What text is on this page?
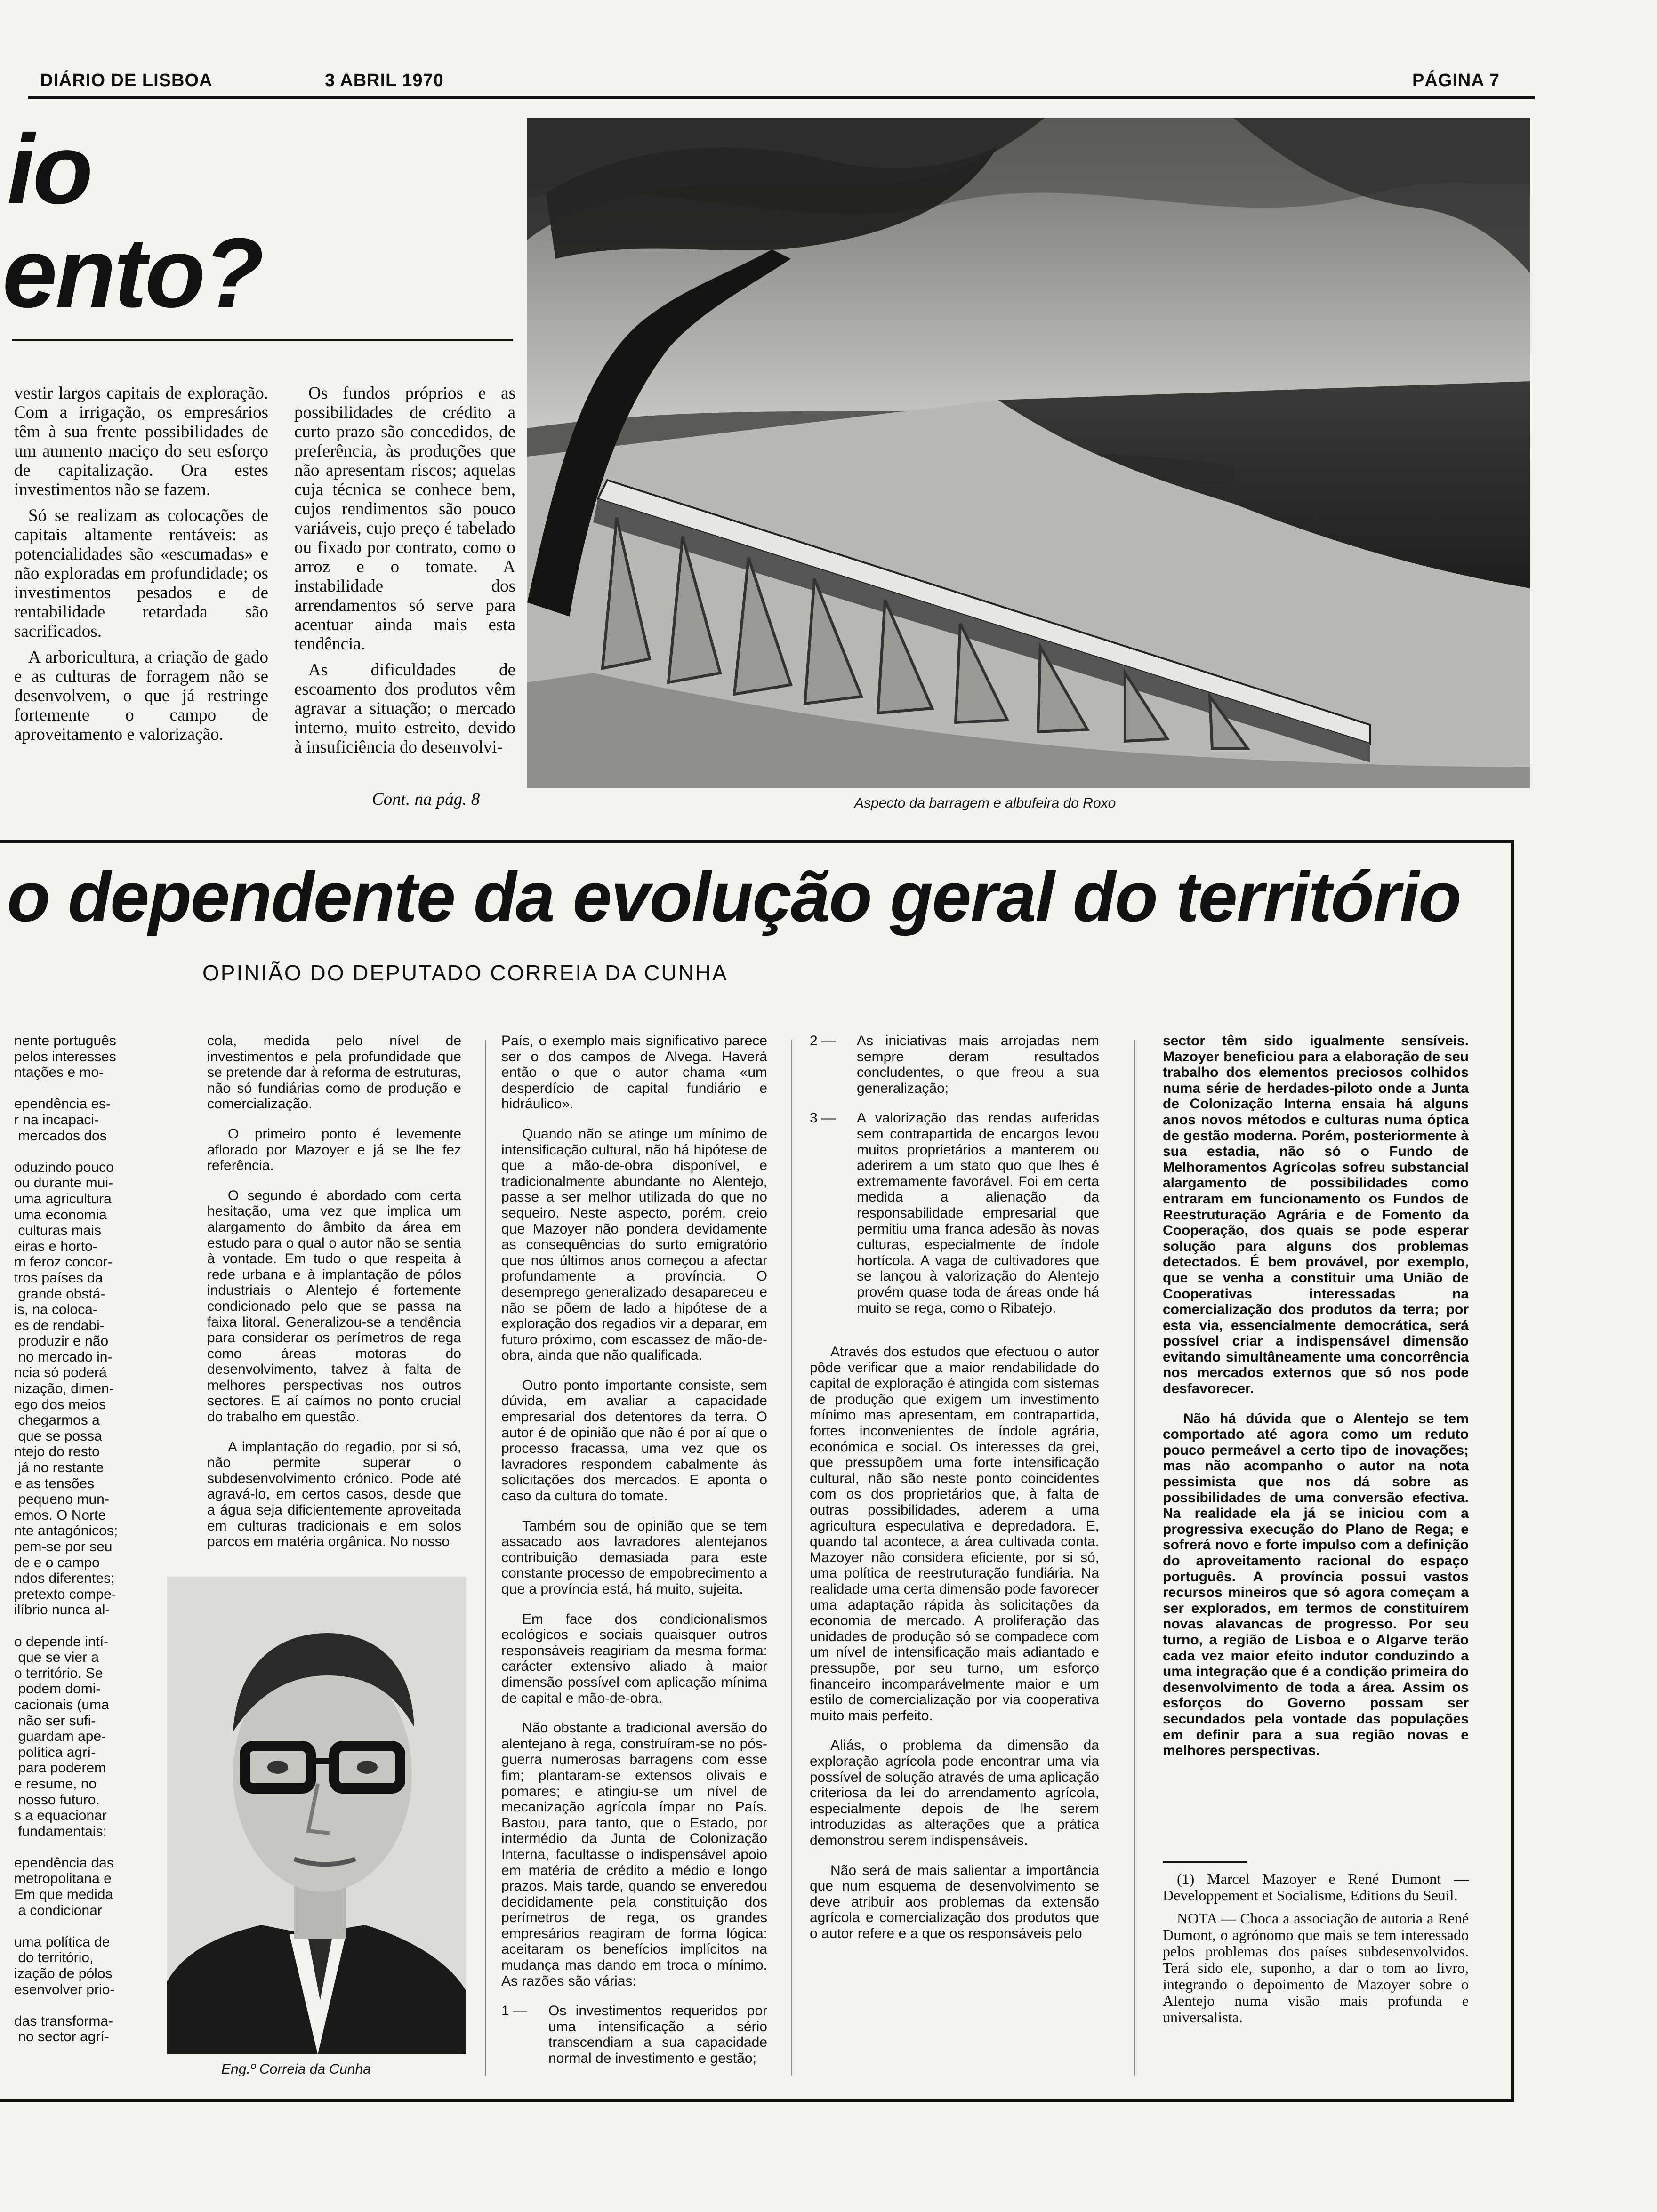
DIÁRIO DE LISBOA	3 ABRIL 1970	PÁGINA 7
io
ento?

vestir largos capitais de exploração. Com a irrigação, os empresários têm à sua frente possibilidades de um aumento maciço do seu esforço de capitalização. Ora estes investimentos não se fazem.

Só se realizam as colocações de capitais altamente rentáveis: as potencialidades são «escumadas» e não exploradas em profundidade; os investimentos pesados e de rentabilidade retardada são sacrificados.

A arboricultura, a criação de gado e as culturas de forragem não se desenvolvem, o que já restringe fortemente o campo de aproveitamento e valorização.

Os fundos próprios e as possibilidades de crédito a curto prazo são concedidos, de preferência, às produções que não apresentam riscos; aquelas cuja técnica se conhece bem, cujos rendimentos são pouco variáveis, cujo preço é tabelado ou fixado por contrato, como o arroz e o tomate. A instabilidade dos arrendamentos só serve para acentuar ainda mais esta tendência.

As dificuldades de escoamento dos produtos vêm agravar a situação; o mercado interno, muito estreito, devido à insuficiência do desenvolvi-

Cont. na pág. 8	Aspecto da barragem e albufeira do Roxo
o dependente da evolução geral do território
OPINIÃO DO DEPUTADO CORREIA DA CUNHA
nente português
pelos interesses
ntações e mo-

ependência es-
r na incapaci-
mercados dos

oduzindo pouco
ou durante mui-
uma agricultura
uma economia
culturas mais
eiras e horto-
m feroz concor-
tros países da
grande obstá-
is, na coloca-
es de rendabi-
produzir e não
no mercado in-
ncia só poderá
nização, dimen-
ego dos meios
chegarmos a
que se possa
ntejo do resto
já no restante
e as tensões
pequeno mun-
emos. O Norte
nte antagónicos;
pem-se por seu
de e o campo
ndos diferentes;
pretexto compe-
ilíbrio nunca al-

o depende intí-
que se vier a
o território. Se
podem domi-
cacionais (uma
não ser sufi-
guardam ape-
política agrí-
para poderem
e resume, no
nosso futuro.
s a equacionar
fundamentais:

ependência das
metropolitana e
Em que medida
a condicionar

uma política de
do território,
ização de pólos
esenvolver prio-

das transforma-
no sector agrí-

cola, medida pelo nível de investimentos e pela profundidade que se pretende dar à reforma de estruturas, não só fundiárias como de produção e comercialização.

O primeiro ponto é levemente aflorado por Mazoyer e já se lhe fez referência.

O segundo é abordado com certa hesitação, uma vez que implica um alargamento do âmbito da área em estudo para o qual o autor não se sentia à vontade. Em tudo o que respeita à rede urbana e à implantação de pólos industriais o Alentejo é fortemente condicionado pelo que se passa na faixa litoral. Generalizou-se a tendência para considerar os perímetros de rega como áreas motoras do desenvolvimento, talvez à falta de melhores perspectivas nos outros sectores. E aí caímos no ponto crucial do trabalho em questão.

A implantação do regadio, por si só, não permite superar o subdesenvolvimento crónico. Pode até agravá-lo, em certos casos, desde que a água seja dificientemente aproveitada em culturas tradicionais e em solos parcos em matéria orgânica. No nosso

Eng.º Correia da Cunha

País, o exemplo mais significativo parece ser o dos campos de Alvega. Haverá então o que o autor chama «um desperdício de capital fundiário e hidráulico».

Quando não se atinge um mínimo de intensificação cultural, não há hipótese de que a mão-de-obra disponível, e tradicionalmente abundante no Alentejo, passe a ser melhor utilizada do que no sequeiro. Neste aspecto, porém, creio que Mazoyer não pondera devidamente as consequências do surto emigratório que nos últimos anos começou a afectar profundamente a província. O desemprego generalizado desapareceu e não se põem de lado a hipótese de a exploração dos regadios vir a deparar, em futuro próximo, com escassez de mão-de-obra, ainda que não qualificada.

Outro ponto importante consiste, sem dúvida, em avaliar a capacidade empresarial dos detentores da terra. O autor é de opinião que não é por aí que o processo fracassa, uma vez que os lavradores respondem cabalmente às solicitações dos mercados. E aponta o caso da cultura do tomate.

Também sou de opinião que se tem assacado aos lavradores alentejanos contribuição demasiada para este constante processo de empobrecimento a que a província está, há muito, sujeita.

Em face dos condicionalismos ecológicos e sociais quaisquer outros responsáveis reagiriam da mesma forma: carácter extensivo aliado à maior dimensão possível com aplicação mínima de capital e mão-de-obra.

Não obstante a tradicional aversão do alentejano à rega, construíram-se no pós-guerra numerosas barragens com esse fim; plantaram-se extensos olivais e pomares; e atingiu-se um nível de mecanização agrícola ímpar no País. Bastou, para tanto, que o Estado, por intermédio da Junta de Colonização Interna, facultasse o indispensável apoio em matéria de crédito a médio e longo prazos. Mais tarde, quando se enveredou decididamente pela constituição dos perímetros de rega, os grandes empresários reagiram de forma lógica: aceitaram os benefícios implícitos na mudança mas dando em troca o mínimo. As razões são várias:

1 —	Os investimentos requeridos por uma intensificação a sério transcendiam a sua capacidade normal de investimento e gestão;
2 —	As iniciativas mais arrojadas nem sempre deram resultados concludentes, o que freou a sua generalização;
3 —	A valorização das rendas auferidas sem contrapartida de encargos levou muitos proprietários a manterem ou aderirem a um stato quo que lhes é extremamente favorável. Foi em certa medida a alienação da responsabilidade empresarial que permitiu uma franca adesão às novas culturas, especialmente de índole hortícola. A vaga de cultivadores que se lançou à valorização do Alentejo provém quase toda de áreas onde há muito se rega, como o Ribatejo.

Através dos estudos que efectuou o autor pôde verificar que a maior rendabilidade do capital de exploração é atingida com sistemas de produção que exigem um investimento mínimo mas apresentam, em contrapartida, fortes inconvenientes de índole agrária, económica e social. Os interesses da grei, que pressupõem uma forte intensificação cultural, não são neste ponto coincidentes com os dos proprietários que, à falta de outras possibilidades, aderem a uma agricultura especulativa e depredadora. E, quando tal acontece, a área cultivada conta. Mazoyer não considera eficiente, por si só, uma política de reestruturação fundiária. Na realidade uma certa dimensão pode favorecer uma adaptação rápida às solicitações da economia de mercado. A proliferação das unidades de produção só se compadece com um nível de intensificação mais adiantado e pressupõe, por seu turno, um esforço financeiro incomparávelmente maior e um estilo de comercialização por via cooperativa muito mais perfeito.

Aliás, o problema da dimensão da exploração agrícola pode encontrar uma via possível de solução através de uma aplicação criteriosa da lei do arrendamento agrícola, especialmente depois de lhe serem introduzidas as alterações que a prática demonstrou serem indispensáveis.

Não será de mais salientar a importância que num esquema de desenvolvimento se deve atribuir aos problemas da extensão agrícola e comercialização dos produtos que o autor refere e a que os responsáveis pelo

sector têm sido igualmente sensíveis. Mazoyer beneficiou para a elaboração de seu trabalho dos elementos preciosos colhidos numa série de herdades-piloto onde a Junta de Colonização Interna ensaia há alguns anos novos métodos e culturas numa óptica de gestão moderna. Porém, posteriormente à sua estadia, não só o Fundo de Melhoramentos Agrícolas sofreu substancial alargamento de possibilidades como entraram em funcionamento os Fundos de Reestruturação Agrária e de Fomento da Cooperação, dos quais se pode esperar solução para alguns dos problemas detectados. É bem provável, por exemplo, que se venha a constituir uma União de Cooperativas interessadas na comercialização dos produtos da terra; por esta via, essencialmente democrática, será possível criar a indispensável dimensão evitando simultâneamente uma concorrência nos mercados externos que só nos pode desfavorecer.

Não há dúvida que o Alentejo se tem comportado até agora como um reduto pouco permeável a certo tipo de inovações; mas não acompanho o autor na nota pessimista que nos dá sobre as possibilidades de uma conversão efectiva. Na realidade ela já se iniciou com a progressiva execução do Plano de Rega; e sofrerá novo e forte impulso com a definição do aproveitamento racional do espaço português. A província possui vastos recursos mineiros que só agora começam a ser explorados, em termos de constituírem novas alavancas de progresso. Por seu turno, a região de Lisboa e o Algarve terão cada vez maior efeito indutor conduzindo a uma integração que é a condição primeira do desenvolvimento de toda a área. Assim os esforços do Governo possam ser secundados pela vontade das populações em definir para a sua região novas e melhores perspectivas.

(1) Marcel Mazoyer e René Dumont — Developpement et Socialisme, Editions du Seuil.

NOTA — Choca a associação de autoria a René Dumont, o agrónomo que mais se tem interessado pelos problemas dos países subdesenvolvidos. Terá sido ele, suponho, a dar o tom ao livro, integrando o depoimento de Mazoyer sobre o Alentejo numa visão mais profunda e universalista.
